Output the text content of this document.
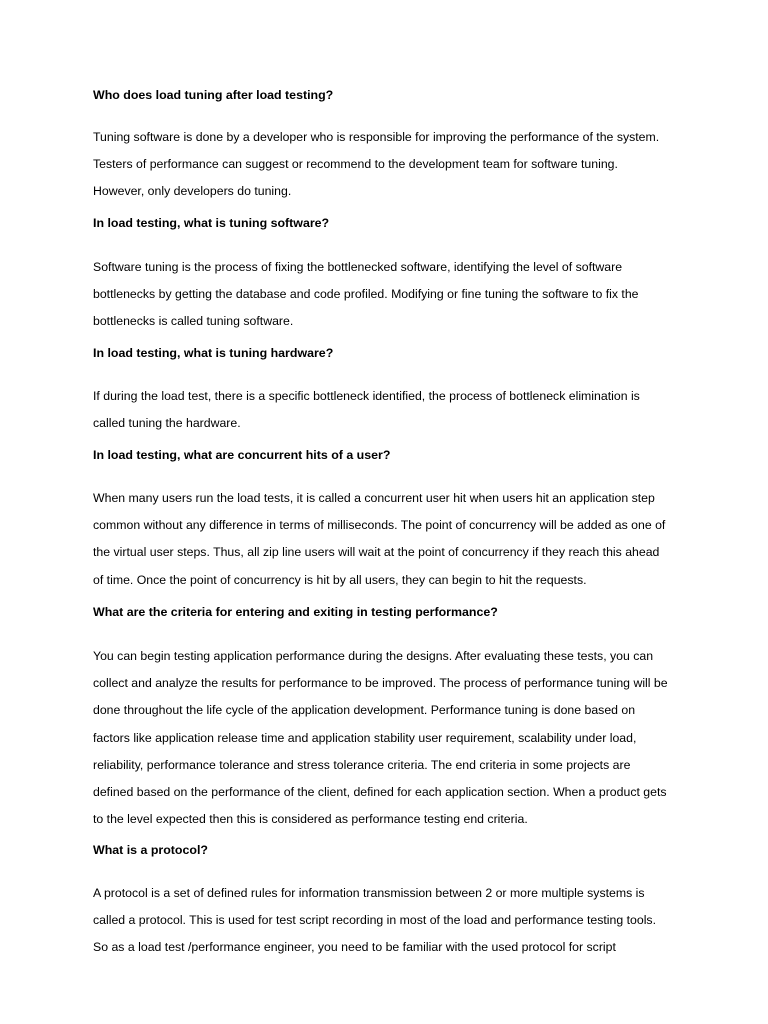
Who does load tuning after load testing?
Tuning software is done by a developer who is responsible for improving the performance of the system.
Testers of performance can suggest or recommend to the development team for software tuning.
However, only developers do tuning.
In load testing, what is tuning software?
Software tuning is the process of fixing the bottlenecked software, identifying the level of software
bottlenecks by getting the database and code profiled. Modifying or fine tuning the software to fix the
bottlenecks is called tuning software.
In load testing, what is tuning hardware?
If during the load test, there is a specific bottleneck identified, the process of bottleneck elimination is
called tuning the hardware.
In load testing, what are concurrent hits of a user?
When many users run the load tests, it is called a concurrent user hit when users hit an application step
common without any difference in terms of milliseconds. The point of concurrency will be added as one of
the virtual user steps. Thus, all zip line users will wait at the point of concurrency if they reach this ahead
of time. Once the point of concurrency is hit by all users, they can begin to hit the requests.
What are the criteria for entering and exiting in testing performance?
You can begin testing application performance during the designs. After evaluating these tests, you can
collect and analyze the results for performance to be improved. The process of performance tuning will be
done throughout the life cycle of the application development. Performance tuning is done based on
factors like application release time and application stability user requirement, scalability under load,
reliability, performance tolerance and stress tolerance criteria. The end criteria in some projects are
defined based on the performance of the client, defined for each application section. When a product gets
to the level expected then this is considered as performance testing end criteria.
What is a protocol?
A protocol is a set of defined rules for information transmission between 2 or more multiple systems is
called a protocol. This is used for test script recording in most of the load and performance testing tools.
So as a load test /performance engineer, you need to be familiar with the used protocol for script
